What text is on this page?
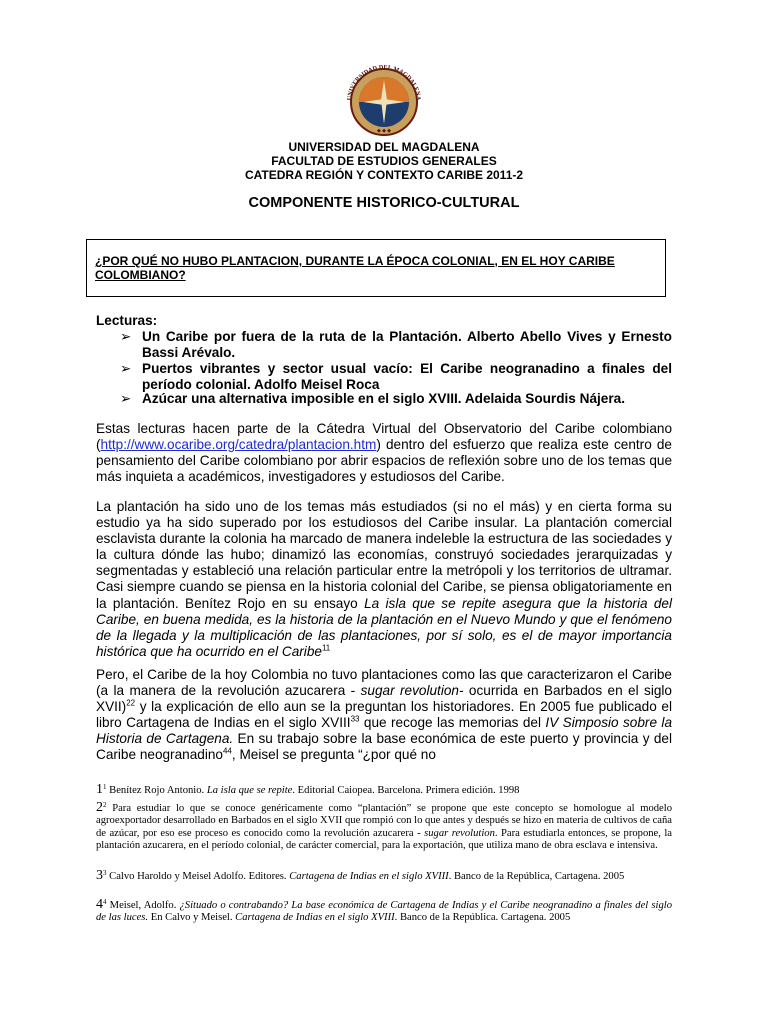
UNIVERSIDAD DEL MAGDALENA
◆ ◆ ◆
UNIVERSIDAD DEL MAGDALENA
FACULTAD DE ESTUDIOS GENERALES
CATEDRA REGIÓN Y CONTEXTO CARIBE 2011-2
COMPONENTE HISTORICO-CULTURAL
¿POR QUÉ NO HUBO PLANTACION, DURANTE LA ÉPOCA COLONIAL, EN EL HOY CARIBE
COLOMBIANO?
Lecturas:
➢ Un Caribe por fuera de la ruta de la Plantación. Alberto Abello Vives y Ernesto Bassi Arévalo.
➢ Puertos vibrantes y sector usual vacío: El Caribe neogranadino a finales del período colonial. Adolfo Meisel Roca
➢ Azúcar una alternativa imposible en el siglo XVIII. Adelaida Sourdis Nájera.
Estas lecturas hacen parte de la Cátedra Virtual del Observatorio del Caribe colombiano (http://www.ocaribe.org/catedra/plantacion.htm) dentro del esfuerzo que realiza este centro de pensamiento del Caribe colombiano por abrir espacios de reflexión sobre uno de los temas que más inquieta a académicos, investigadores y estudiosos del Caribe.
La plantación ha sido uno de los temas más estudiados (si no el más) y en cierta forma su estudio ya ha sido superado por los estudiosos del Caribe insular. La plantación comercial esclavista durante la colonia ha marcado de manera indeleble la estructura de las sociedades y la cultura dónde las hubo; dinamizó las economías, construyó sociedades jerarquizadas y segmentadas y estableció una relación particular entre la metrópoli y los territorios de ultramar. Casi siempre cuando se piensa en la historia colonial del Caribe, se piensa obligatoriamente en la plantación. Benítez Rojo en su ensayo La isla que se repite asegura que la historia del Caribe, en buena medida, es la historia de la plantación en el Nuevo Mundo y que el fenómeno de la llegada y la multiplicación de las plantaciones, por sí solo, es el de mayor importancia histórica que ha ocurrido en el Caribe$^{11}$
Pero, el Caribe de la hoy Colombia no tuvo plantaciones como las que caracterizaron el Caribe (a la manera de la revolución azucarera - sugar revolution- ocurrida en Barbados en el siglo XVII)$^{22}$ y la explicación de ello aun se la preguntan los historiadores. En 2005 fue publicado el libro Cartagena de Indias en el siglo XVIII$^{33}$ que recoge las memorias del IV Simposio sobre la Historia de Cartagena. En su trabajo sobre la base económica de este puerto y provincia y del Caribe neogranadino$^{44}$, Meisel se pregunta “¿por qué no
$1^1$ Benítez Rojo Antonio. La isla que se repite. Editorial Caiopea. Barcelona. Primera edición. 1998
$2^2$ Para estudiar lo que se conoce genéricamente como “plantación” se propone que este concepto se homologue al modelo agroexportador desarrollado en Barbados en el siglo XVII que rompió con lo que antes y después se hizo en materia de cultivos de caña de azúcar, por eso ese proceso es conocido como la revolución azucarera - sugar revolution. Para estudiarla entonces, se propone, la plantación azucarera, en el período colonial, de carácter comercial, para la exportación, que utiliza mano de obra esclava e intensiva.
$3^3$ Calvo Haroldo y Meisel Adolfo. Editores. Cartagena de Indias en el siglo XVIII. Banco de la República, Cartagena. 2005
$4^4$ Meisel, Adolfo. ¿Situado o contrabando? La base económica de Cartagena de Indias y el Caribe neogranadino a finales del siglo de las luces. En Calvo y Meisel. Cartagena de Indias en el siglo XVIII. Banco de la República. Cartagena. 2005
